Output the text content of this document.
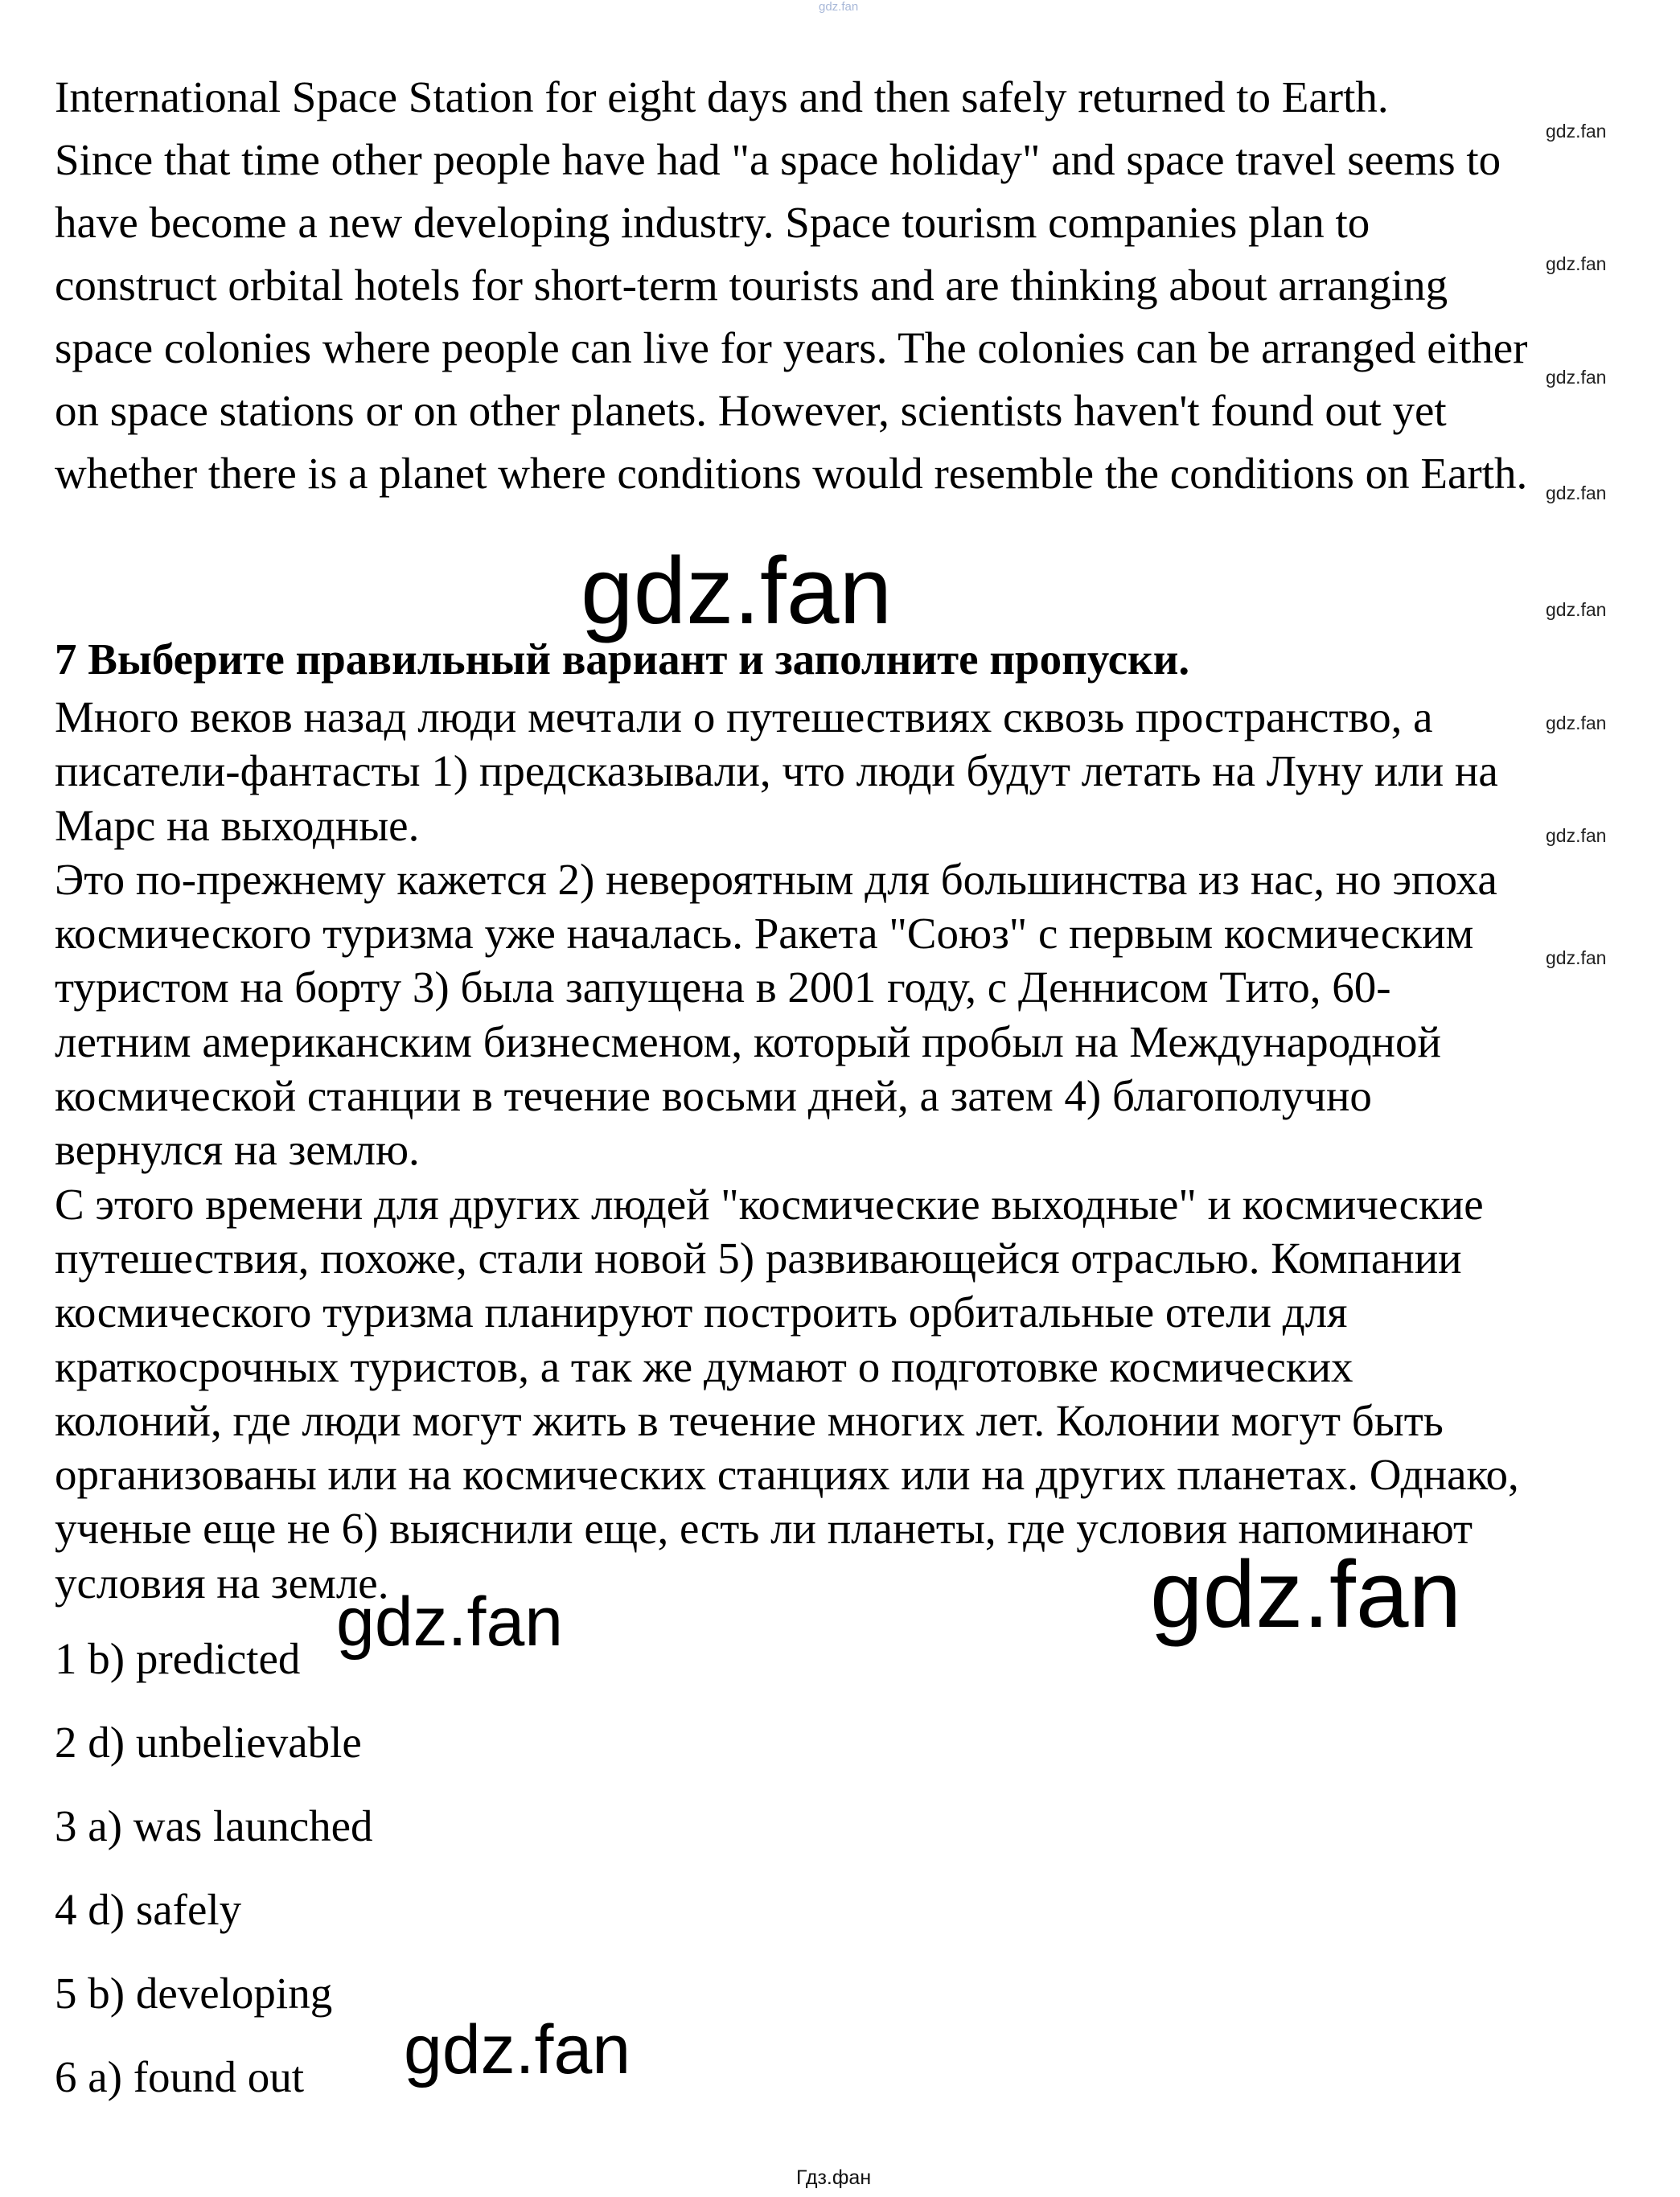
gdz.fan
International Space Station for eight days and then safely returned to Earth.
Since that time other people have had "a space holiday" and space travel seems to
have become a new developing industry. Space tourism companies plan to
construct orbital hotels for short-term tourists and are thinking about arranging
space colonies where people can live for years. The colonies can be arranged either
on space stations or on other planets. However, scientists haven't found out yet
whether there is a planet where conditions would resemble the conditions on Earth.
gdz.fan
gdz.fan
gdz.fan
gdz.fan
gdz.fan
gdz.fan
gdz.fan
gdz.fan
gdz.fan
7 Выберите правильный вариант и заполните пропуски.
Много веков назад люди мечтали о путешествиях сквозь пространство, а
писатели-фантасты 1) предсказывали, что люди будут летать на Луну или на
Марс на выходные.
Это по-прежнему кажется 2) невероятным для большинства из нас, но эпоха
космического туризма уже началась. Ракета "Союз" с первым космическим
туристом на борту 3) была запущена в 2001 году, с Деннисом Тито, 60-
летним американским бизнесменом, который пробыл на Международной
космической станции в течение восьми дней, а затем 4) благополучно
вернулся на землю.
С этого времени для других людей "космические выходные" и космические
путешествия, похоже, стали новой 5) развивающейся отраслью. Компании
космического туризма планируют построить орбитальные отели для
краткосрочных туристов, а так же думают о подготовке космических
колоний, где люди могут жить в течение многих лет. Колонии могут быть
организованы или на космических станциях или на других планетах. Однако,
ученые еще не 6) выяснили еще, есть ли планеты, где условия напоминают
условия на земле.	gdz.fan
gdz.fan
gdz.fan
1 b) predicted
2 d) unbelievable
3 a) was launched
4 d) safely
5 b) developing
6 a) found out
Гдз.фан
